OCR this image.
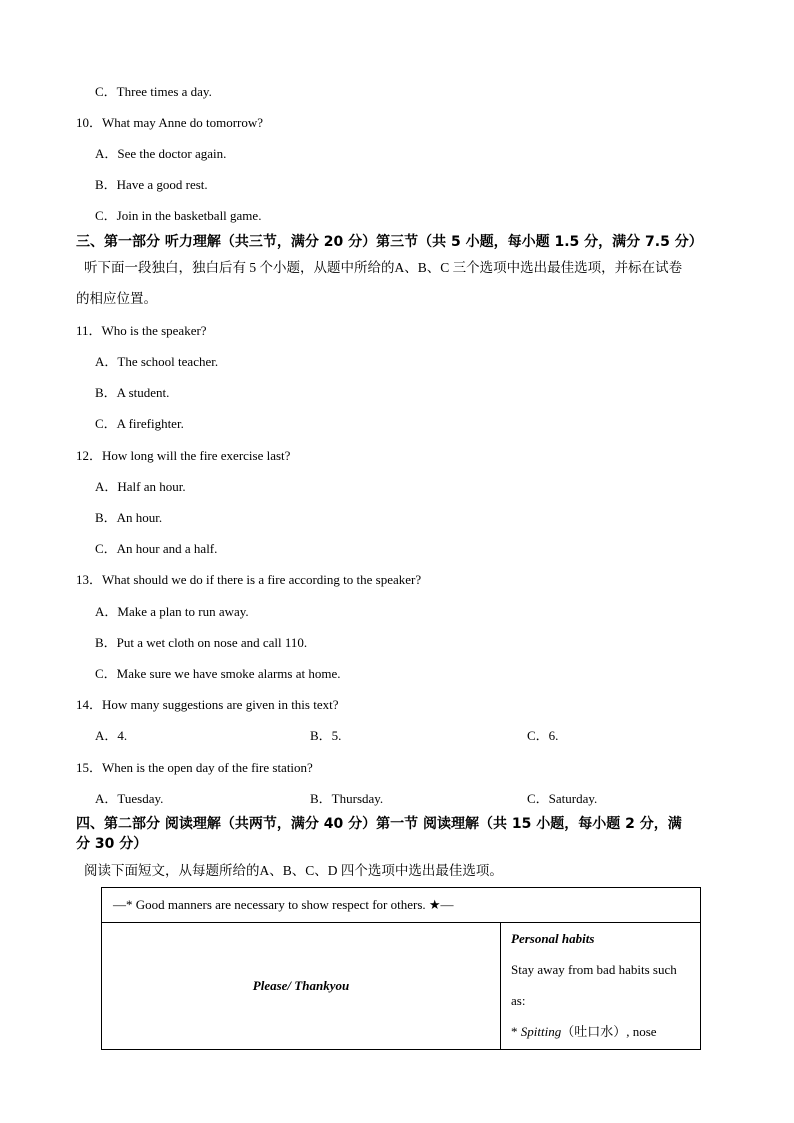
C．Three times a day.
10．What may Anne do tomorrow?
A．See the doctor again.
B．Have a good rest.
C．Join in the basketball game.
三、第一部分 听力理解（共三节，满分 20 分）第三节（共 5 小题，每小题 1.5 分，满分 7.5 分）
听下面一段独白，独白后有 5 个小题，从题中所给的A、B、C 三个选项中选出最佳选项，并标在试卷
的相应位置。
11．Who is the speaker?
A．The school teacher.
B．A student.
C．A firefighter.
12．How long will the fire exercise last?
A．Half an hour.
B．An hour.
C．An hour and a half.
13．What should we do if there is a fire according to the speaker?
A．Make a plan to run away.
B．Put a wet cloth on nose and call 110.
C．Make sure we have smoke alarms at home.
14．How many suggestions are given in this text?
A．4.	B．5.	C．6.
15．When is the open day of the fire station?
A．Tuesday.	B．Thursday.	C．Saturday.
四、第二部分 阅读理解（共两节，满分 40 分）第一节 阅读理解（共 15 小题，每小题 2 分，满
分 30 分）
阅读下面短文，从每题所给的A、B、C、D 四个选项中选出最佳选项。
—* Good manners are necessary to show respect for others. ★—
Please/ Thankyou	
Personal habits
Stay away from bad habits such
as:
* Spitting（吐口水）, nose
